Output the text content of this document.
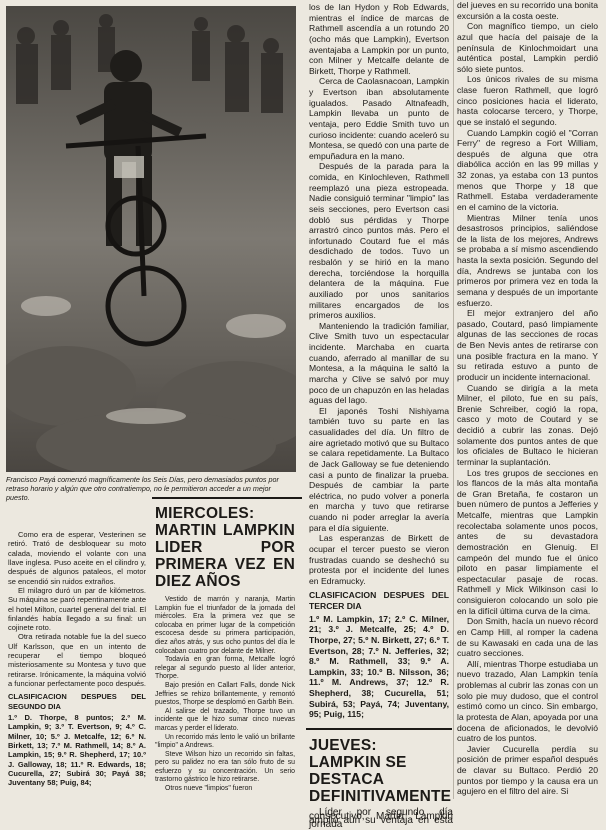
Francisco Payá comenzó magníficamente los Seis Días, pero demasiados puntos por retraso horario y algún que otro contratiempo, no le permitieron acceder a un mejor puesto.

Como era de esperar, Vesterinen se retiró. Trató de desbloquear su moto calada, moviendo el volante con una llave inglesa. Puso aceite en el cilindro y, después de algunos pataleos, el motor se encendió sin ruidos extraños.

El milagro duró un par de kilómetros. Su máquina se paró repentinamente ante el hotel Milton, cuartel general del trial. El finlandés había llegado a su final: un cojinete roto.

Otra retirada notable fue la del sueco Ulf Karlsson, que en un intento de recuperar el tiempo bloqueó misteriosamente su Montesa y tuvo que retirarse. Irónicamente, la máquina volvió a funcionar perfectamente poco después.

CLASIFICACION DESPUES DEL SEGUNDO DIA
1.º D. Thorpe, 8 puntos; 2.º M. Lampkin, 9; 3.º T. Evertson, 9; 4.º C. Milner, 10; 5.º J. Metcalfe, 12; 6.º N. Birkett, 13; 7.º M. Rathmell, 14; 8.º A. Lampkin, 15; 9.º R. Shepherd, 17; 10.º J. Galloway, 18; 11.º R. Edwards, 18; Cucurella, 27; Subirá 30; Payá 38; Juventany 58; Puig, 84;

los de Ian Hydon y Rob Edwards, mientras el índice de marcas de Rathmell ascendía a un rotundo 20 (ocho más que Lampkin), Evertson aventajaba a Lampkin por un punto, con Milner y Metcalfe delante de Birkett, Thorpe y Rathmell.

Cerca de Caolasnacoan, Lampkin y Evertson iban absolutamente igualados. Pasado Altnafeadh, Lampkin llevaba un punto de ventaja, pero Eddie Smith tuvo un curioso incidente: cuando aceleró su Montesa, se quedó con una parte de empuñadura en la mano.

Después de la parada para la comida, en Kinlochleven, Rathmell reemplazó una pieza estropeada. Nadie consiguió terminar "limpio" las seis secciones, pero Evertson casi dobló sus pérdidas y Thorpe arrastró cinco puntos más. Pero el infortunado Coutard fue el más desdichado de todos. Tuvo un resbalón y se hirió en la mano derecha, torciéndose la horquilla delantera de la máquina. Fue auxiliado por unos sanitarios militares encargados de los primeros auxilios.

Manteniendo la tradición familiar, Clive Smith tuvo un espectacular incidente. Marchaba en cuarta cuando, aferrado al manillar de su Montesa, a la máquina le saltó la marcha y Clive se salvó por muy poco de un chapuzón en las heladas aguas del lago.

El japonés Toshi Nishiyama también tuvo su parte en las casualidades del día. Un filtro de aire agrietado motivó que su Bultaco se calara repetidamente. La Bultaco de Jack Galloway se fue deteniendo casi a punto de finalizar la prueba. Después de cambiar la parte eléctrica, no pudo volver a ponerla en marcha y tuvo que retirarse cuando ni poder arreglar la avería para el día siguiente.

Las esperanzas de Birkett de ocupar el tercer puesto se vieron frustradas cuando se deshechó su protesta por el incidente del lunes en Edramucky.

CLASIFICACION DESPUES DEL TERCER DIA
1.º M. Lampkin, 17; 2.º C. Milner, 21; 3.º J. Metcalfe, 25; 4.º D. Thorpe, 27; 5.º N. Birkett, 27; 6.º T. Evertson, 28; 7.º N. Jefferies, 32; 8.º M. Rathmell, 33; 9.º A. Lampkin, 33; 10.º B. Nilsson, 36; 11.º M. Andrews, 37; 12.º R. Shepherd, 38; Cucurella, 51; Subirá, 53; Payá, 74; Juventany, 95; Puig, 115;
MIERCOLES: MARTIN LAMPKIN LIDER POR PRIMERA VEZ EN DIEZ AÑOS

Vestido de marrón y naranja, Martin Lampkin fue el triunfador de la jornada del miércoles. Era la primera vez que se colocaba en primer lugar de la competición escocesa desde su primera participación, diez años atrás, y sus ocho puntos del día le colocaban cuatro por delante de Milner.

Todavía en gran forma, Metcalfe logró relegar al segundo puesto al líder anterior, Thorpe.

Bajo presión en Callart Falls, donde Nick Jeffries se rehizo brillantemente, y remontó puestos, Thorpe se desplomó en Garbh Bein.

Al salirse del trazado, Thorpe tuvo un incidente que le hizo sumar cinco nuevas marcas y perder el liderato.

Un recorrido más lento le valió un brillante "limpio" a Andrews.

Steve Wilson hizo un recorrido sin faltas, pero su palidez no era tan sólo fruto de su esfuerzo y su concentración. Un serio trastorno gástrico le hizo retirarse.

Otros nueve "limpios" fueron

JUEVES: LAMPKIN SE DESTACA DEFINITIVAMENTE

Líder por segundo día consecutivo, Martin Lampkin amplió aún su ventaja en esta jornada

del jueves en su recorrido una bonita excursión a la costa oeste.

Con magnífico tiempo, un cielo azul que hacía del paisaje de la península de Kinlochmoidart una auténtica postal, Lampkin perdió sólo siete puntos.

Los únicos rivales de su misma clase fueron Rathmell, que logró cinco posiciones hacia el liderato, hasta colocarse tercero, y Thorpe, que se instaló el segundo.

Cuando Lampkin cogió el "Corran Ferry" de regreso a Fort William, después de alguna que otra diabólica acción en las 99 millas y 32 zonas, ya estaba con 13 puntos menos que Thorpe y 18 que Rathmell. Estaba verdaderamente en el camino de la victoria.

Mientras Milner tenía unos desastrosos principios, saliéndose de la lista de los mejores, Andrews se probaba a sí mismo ascendiendo hasta la sexta posición. Segundo del día, Andrews se juntaba con los primeros por primera vez en toda la semana y después de un importante esfuerzo.

El mejor extranjero del año pasado, Coutard, pasó limpiamente algunas de las secciones de rocas de Ben Nevis antes de retirarse con una posible fractura en la mano. Y su retirada estuvo a punto de producir un incidente internacional.

Cuando se dirigía a la meta Milner, el piloto, fue en su país, Brenie Schreiber, cogió la ropa, casco y moto de Coutard y se decidió a cubrir las zonas. Dejó solamente dos puntos antes de que los oficiales de Bultaco le hicieran terminar la suplantación.

Los tres grupos de secciones en los flancos de la más alta montaña de Gran Bretaña, fe costaron un buen número de puntos a Jefferies y Metcalfe, mientras que Lampkin recolectaba solamente unos pocos, antes de su devastadora demostración en Glenuig. El campeón del mundo fue el único piloto en pasar limpiamente el espectacular pasaje de rocas. Rathmell y Mick Wilkinson casi lo consiguieron colocando un solo pie en la difícil última curva de la cima.

Don Smith, hacía un nuevo récord en Camp Hill, al romper la cadena de su Kawasaki en cada una de las cuatro secciones.

Allí, mientras Thorpe estudiaba un nuevo trazado, Alan Lampkin tenía problemas al cubrir las zonas con un solo pie muy dudoso, que el control estimó como un cinco. Sin embargo, la protesta de Alan, apoyada por una docena de aficionados, le devolvió cuatro de los puntos.

Javier Cucurella perdía su posición de primer español después de clavar su Bultaco. Perdió 20 puntos por tiempo y la causa era un agujero en el filtro del aire. Si
